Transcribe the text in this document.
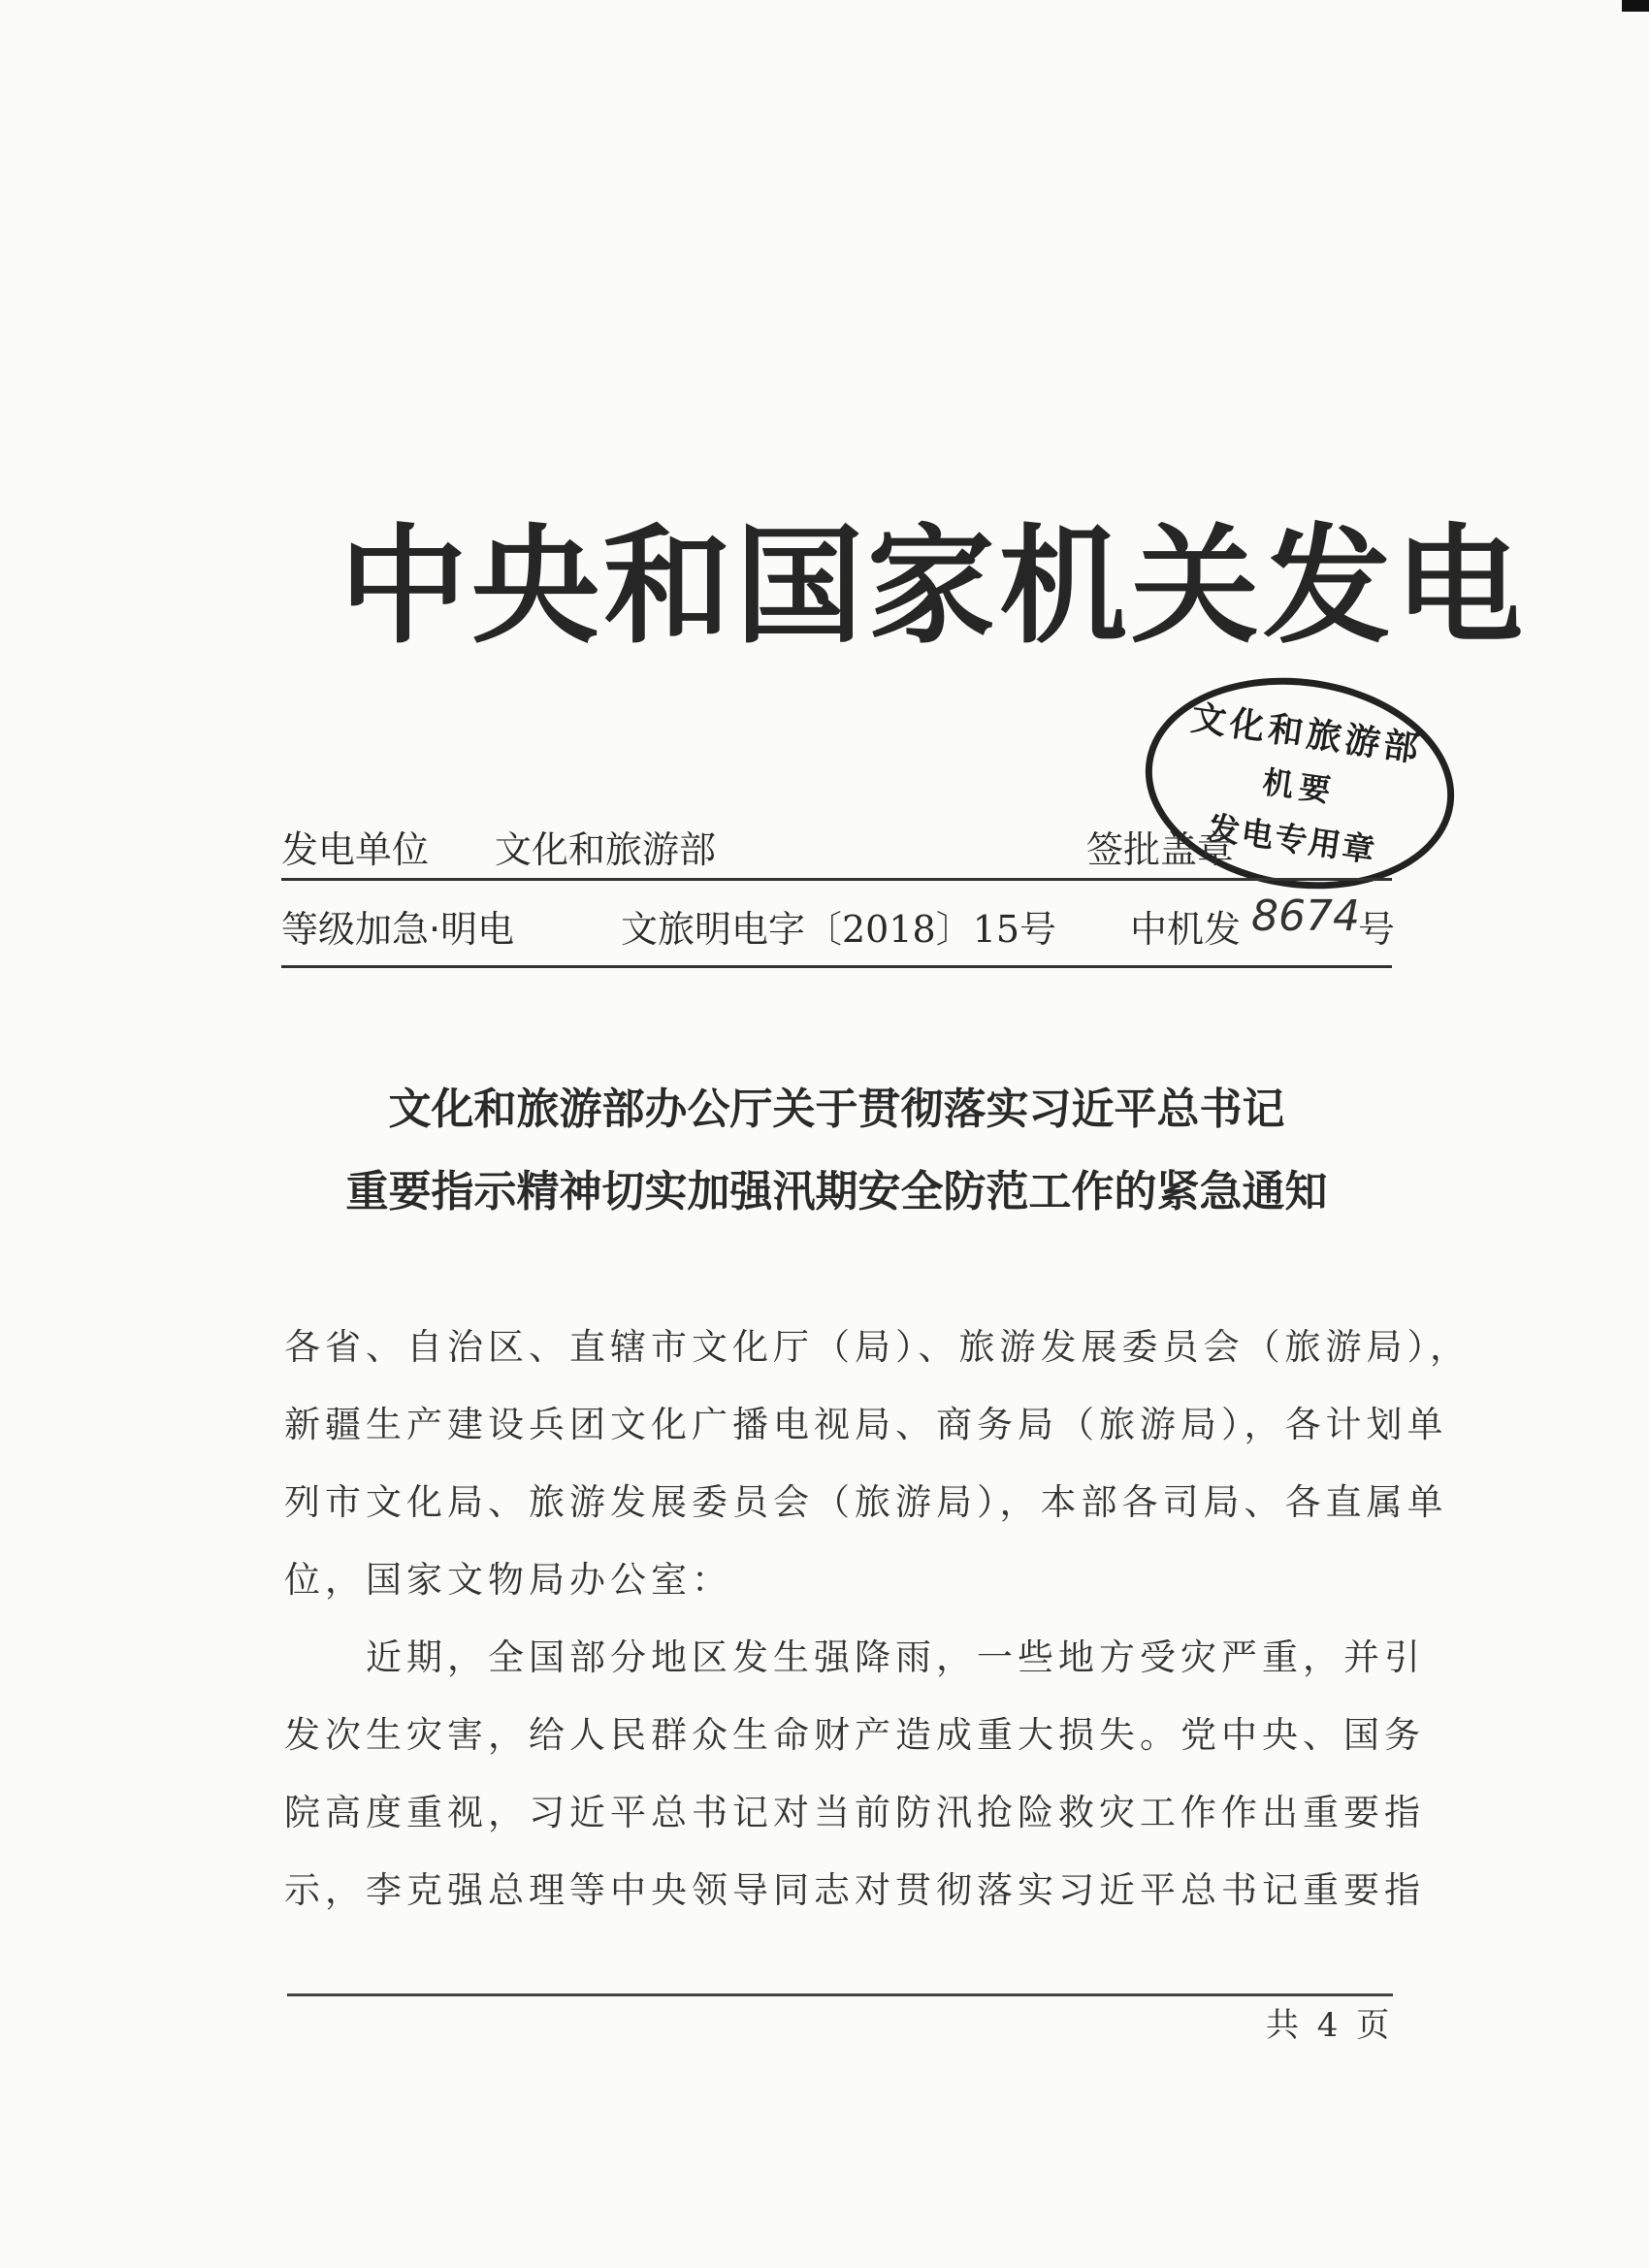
中央和国家机关发电
文化和旅游部
机要
发电专用章
发电单位 文化和旅游部	签批盖章
等级加急·明电	文旅明电字〔2018〕15号 中机发 8674
号
文化和旅游部办公厅关于贯彻落实习近平总书记
重要指示精神切实加强汛期安全防范工作的紧急通知
各省、自治区、直辖市文化厅（局）、旅游发展委员会（旅游局），
新疆生产建设兵团文化广播电视局、商务局（旅游局），各计划单
列市文化局、旅游发展委员会（旅游局），本部各司局、各直属单
位，国家文物局办公室：
　　近期，全国部分地区发生强降雨，一些地方受灾严重，并引
发次生灾害，给人民群众生命财产造成重大损失。党中央、国务
院高度重视，习近平总书记对当前防汛抢险救灾工作作出重要指
示，李克强总理等中央领导同志对贯彻落实习近平总书记重要指
共 4 页
